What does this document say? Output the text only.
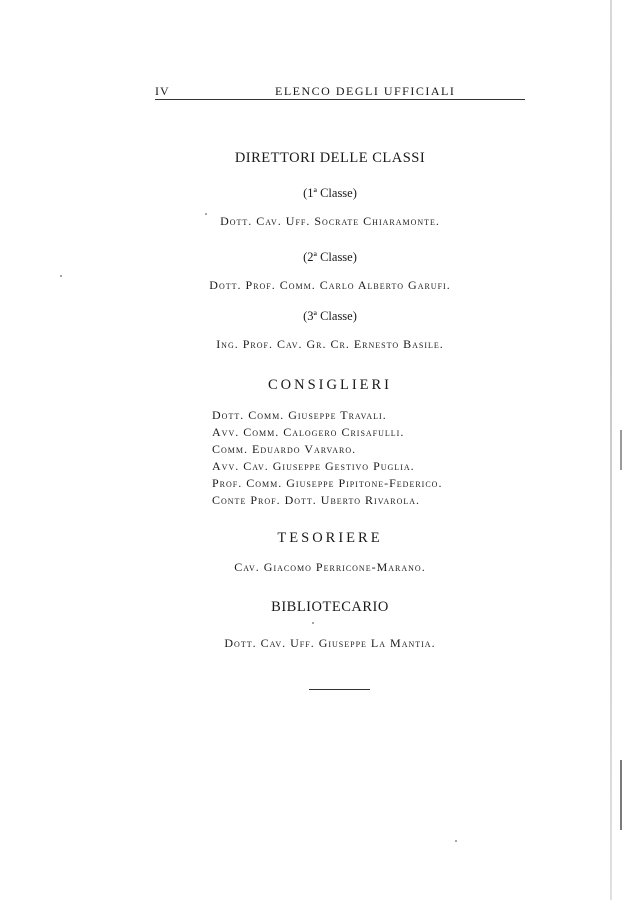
IV	ELENCO DEGLI UFFICIALI
DIRETTORI DELLE CLASSI
(1ª Classe)
Dott. Cav. Uff. Socrate Chiaramonte.
(2ª Classe)
Dott. Prof. Comm. Carlo Alberto Garufi.
(3ª Classe)
Ing. Prof. Cav. Gr. Cr. Ernesto Basile.
CONSIGLIERI
Dott. Comm. Giuseppe Travali.
Avv. Comm. Calogero Crisafulli.
Comm. Eduardo Varvaro.
Avv. Cav. Giuseppe Gestivo Puglia.
Prof. Comm. Giuseppe Pipitone-Federico.
Conte Prof. Dott. Uberto Rivarola.
TESORIERE
Cav. Giacomo Perricone-Marano.
BIBLIOTECARIO
Dott. Cav. Uff. Giuseppe La Mantia.
